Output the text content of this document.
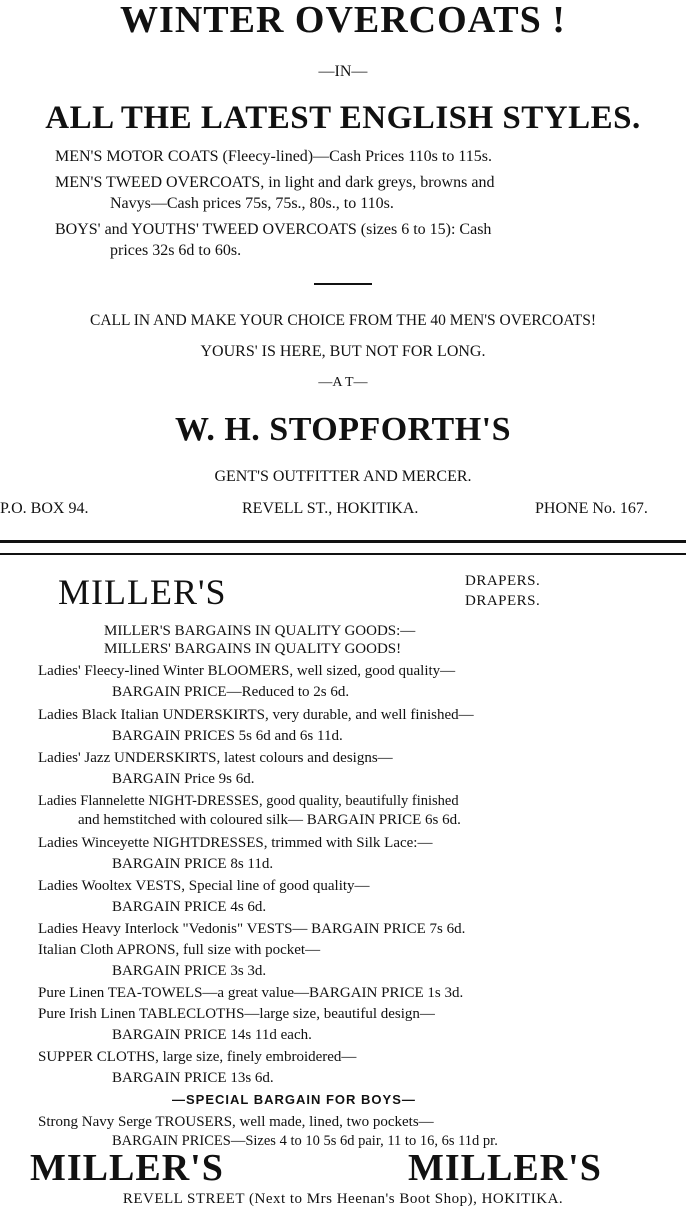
WINTER OVERCOATS !
—IN—
ALL THE LATEST ENGLISH STYLES.
MEN'S MOTOR COATS (Fleecy-lined)—Cash Prices 110s to 115s.
MEN'S TWEED OVERCOATS, in light and dark greys, browns and
Navys—Cash prices 75s, 75s., 80s., to 110s.
BOYS' and YOUTHS' TWEED OVERCOATS (sizes 6 to 15): Cash
prices 32s 6d to 60s.
CALL IN AND MAKE YOUR CHOICE FROM THE 40 MEN'S OVERCOATS!
YOURS' IS HERE, BUT NOT FOR LONG.
—A T—
W. H. STOPFORTH'S
GENT'S OUTFITTER AND MERCER.
P.O. BOX 94.	REVELL ST., HOKITIKA.	PHONE No. 167.
MILLER'S	DRAPERS.
DRAPERS.
MILLER'S BARGAINS IN QUALITY GOODS:—
MILLERS' BARGAINS IN QUALITY GOODS!
Ladies' Fleecy-lined Winter BLOOMERS, well sized, good quality—
BARGAIN PRICE—Reduced to 2s 6d.
Ladies Black Italian UNDERSKIRTS, very durable, and well finished—
BARGAIN PRICES 5s 6d and 6s 11d.
Ladies' Jazz UNDERSKIRTS, latest colours and designs—
BARGAIN Price 9s 6d.
Ladies Flannelette NIGHT-DRESSES, good quality, beautifully finished
and hemstitched with coloured silk— BARGAIN PRICE 6s 6d.
Ladies Winceyette NIGHTDRESSES, trimmed with Silk Lace:—
BARGAIN PRICE 8s 11d.
Ladies Wooltex VESTS, Special line of good quality—
BARGAIN PRICE 4s 6d.
Ladies Heavy Interlock "Vedonis" VESTS— BARGAIN PRICE 7s 6d.
Italian Cloth APRONS, full size with pocket—
BARGAIN PRICE 3s 3d.
Pure Linen TEA-TOWELS—a great value—BARGAIN PRICE 1s 3d.
Pure Irish Linen TABLECLOTHS—large size, beautiful design—
BARGAIN PRICE 14s 11d each.
SUPPER CLOTHS, large size, finely embroidered—
BARGAIN PRICE 13s 6d.
—SPECIAL BARGAIN FOR BOYS—
Strong Navy Serge TROUSERS, well made, lined, two pockets—
BARGAIN PRICES—Sizes 4 to 10 5s 6d pair, 11 to 16, 6s 11d pr.
MILLER'S	MILLER'S
REVELL STREET (Next to Mrs Heenan's Boot Shop), HOKITIKA.
